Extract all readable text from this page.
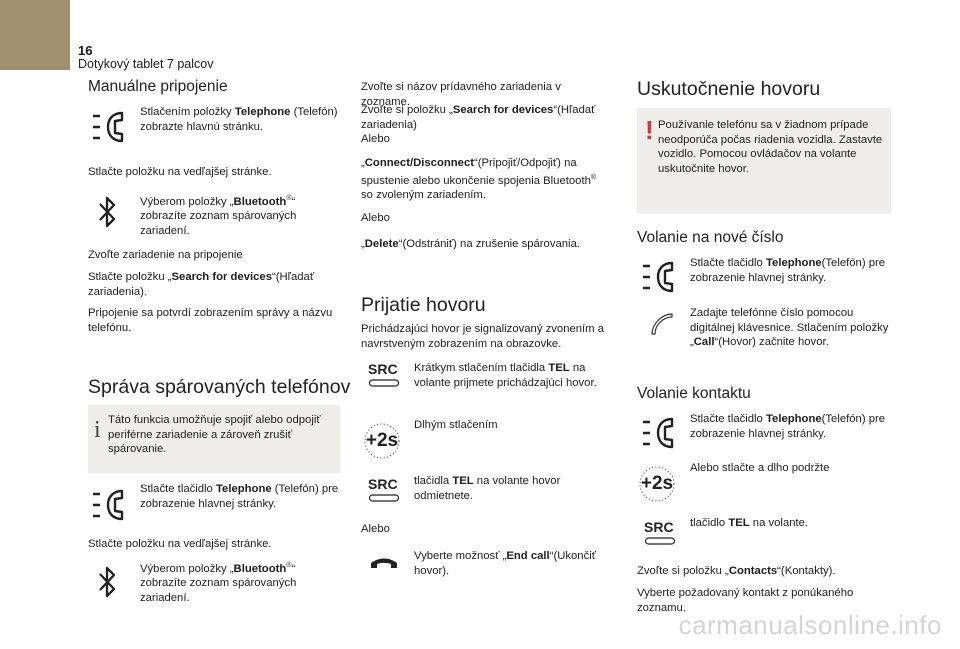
16
Dotykový tablet 7 palcov
Manuálne pripojenie
Stlačením položky Telephone (Telefón) zobrazte hlavnú stránku.
Stlačte položku na vedľajšej stránke.
Výberom položky „Bluetooth®“ zobrazíte zoznam spárovaných zariadení.
Zvoľte zariadenie na pripojenie
Stlačte položku „Search for devices“(Hľadať zariadenia).
Pripojenie sa potvrdí zobrazením správy a názvu telefónu.
Správa spárovaných telefónov
i Táto funkcia umožňuje spojiť alebo odpojiť periférne zariadenie a zároveň zrušiť spárovanie.
Stlačte tlačidlo Telephone (Telefón) pre zobrazenie hlavnej stránky.
Stlačte položku na vedľajšej stránke.
Výberom položky „Bluetooth®“ zobrazíte zoznam spárovaných zariadení.
Zvoľte si názov prídavného zariadenia v zozname.
Zvoľte si položku „Search for devices“(Hľadať zariadenia)
Alebo
„Connect/Disconnect“(Pripojiť/Odpojiť) na spustenie alebo ukončenie spojenia Bluetooth® so zvoleným zariadením.
Alebo
„Delete“(Odstrániť) na zrušenie spárovania.
Prijatie hovoru
Prichádzajúci hovor je signalizovaný zvonením a navrstveným zobrazením na obrazovke.
SRC Krátkym stlačením tlačidla TEL na volante prijmete prichádzajúci hovor.
+2s
Dlhým stlačením
SRC tlačidla TEL na volante hovor odmietnete.
Alebo
Vyberte možnosť „End call“(Ukončiť hovor).
Uskutočnenie hovoru
! Používanie telefónu sa v žiadnom prípade neodporúča počas riadenia vozidla. Zastavte vozidlo. Pomocou ovládačov na volante uskutočnite hovor.
Volanie na nové číslo
Stlačte tlačidlo Telephone(Telefón) pre zobrazenie hlavnej stránky.
Zadajte telefónne číslo pomocou digitálnej klávesnice. Stlačením položky „Call“(Hovor) začnite hovor.
Volanie kontaktu
Stlačte tlačidlo Telephone(Telefón) pre zobrazenie hlavnej stránky.
+2s
Alebo stlačte a dlho podržte
SRC tlačidlo TEL na volante.
Zvoľte si položku „Contacts“(Kontakty).
Vyberte požadovaný kontakt z ponúkaného zoznamu.
carmanualsonline.info
